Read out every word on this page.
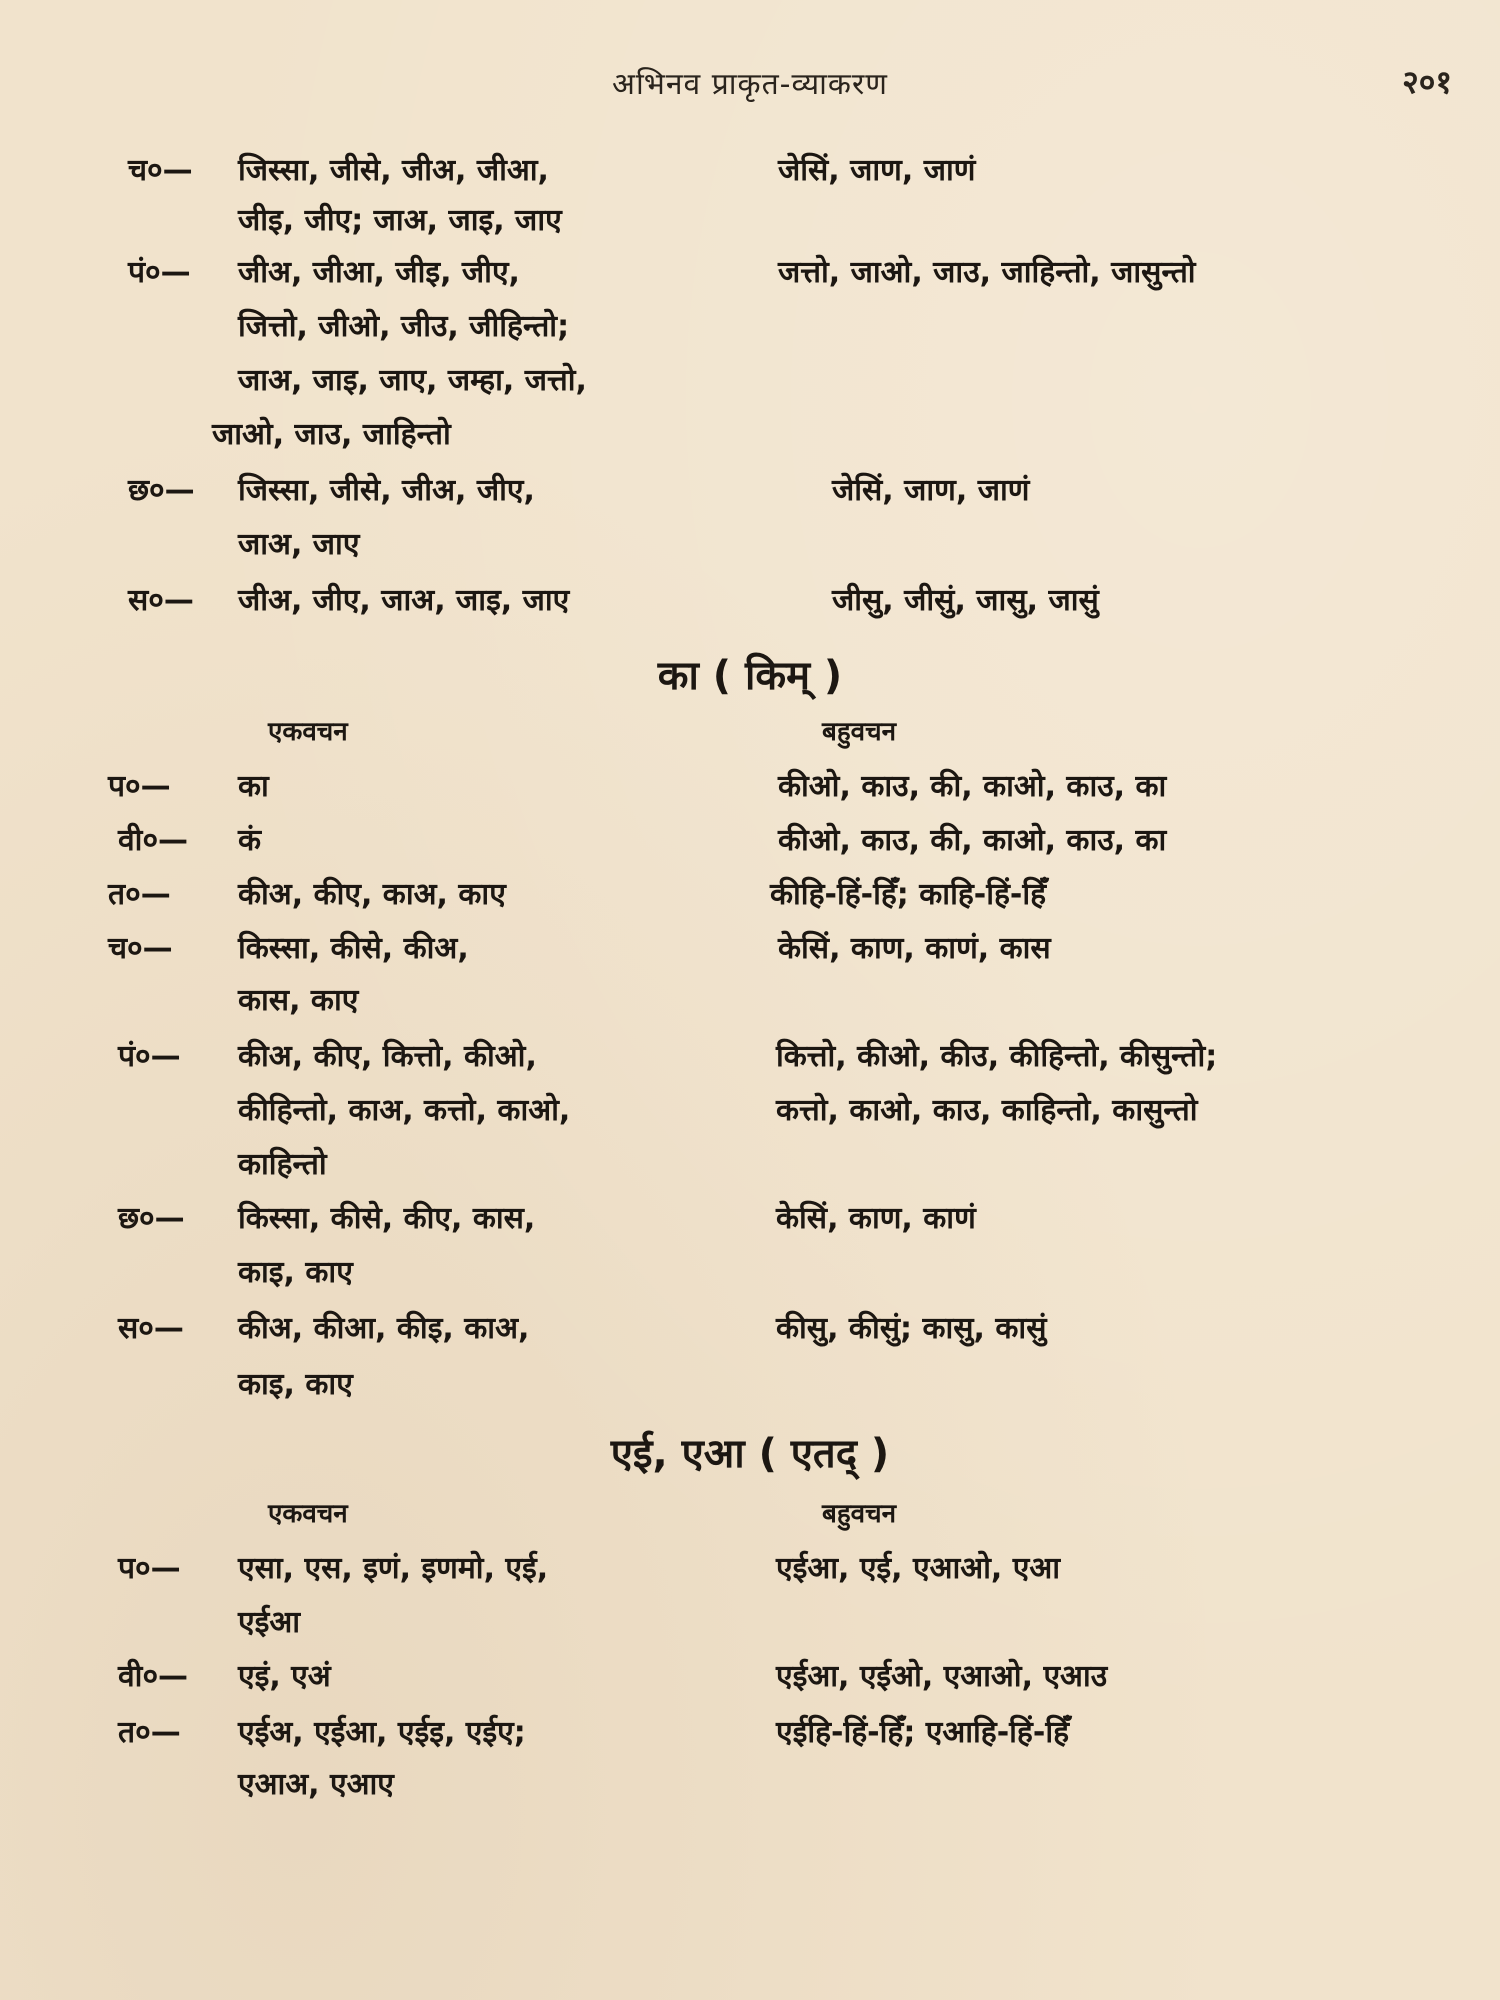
अभिनव प्राकृत-व्याकरण	२०१
च०— जिस्सा, जीसे, जीअ, जीआ,	जेसिं, जाण, जाणं
जीइ, जीए; जाअ, जाइ, जाए
पं०— जीअ, जीआ, जीइ, जीए,	जत्तो, जाओ, जाउ, जाहिन्तो, जासुन्तो
जित्तो, जीओ, जीउ, जीहिन्तो;
जाअ, जाइ, जाए, जम्हा, जत्तो,
जाओ, जाउ, जाहिन्तो
छ०— जिस्सा, जीसे, जीअ, जीए,	जेसिं, जाण, जाणं
जाअ, जाए
स०— जीअ, जीए, जाअ, जाइ, जाए	जीसु, जीसुं, जासु, जासुं
का ( किम् )
एकवचन	बहुवचन
प०— का	कीओ, काउ, की, काओ, काउ, का
वी०— कं	कीओ, काउ, की, काओ, काउ, का
त०— कीअ, कीए, काअ, काए	कीहि-हिं-हिँ; काहि-हिं-हिँ
च०— किस्सा, कीसे, कीअ,	केसिं, काण, काणं, कास
कास, काए
पं०— कीअ, कीए, कित्तो, कीओ,	कित्तो, कीओ, कीउ, कीहिन्तो, कीसुन्तो;
कीहिन्तो, काअ, कत्तो, काओ,	कत्तो, काओ, काउ, काहिन्तो, कासुन्तो
काहिन्तो
छ०— किस्सा, कीसे, कीए, कास,	केसिं, काण, काणं
काइ, काए
स०— कीअ, कीआ, कीइ, काअ,	कीसु, कीसुं; कासु, कासुं
काइ, काए
एई, एआ ( एतद् )
एकवचन	बहुवचन
प०— एसा, एस, इणं, इणमो, एई,	एईआ, एई, एआओ, एआ
एईआ
वी०— एइं, एअं	एईआ, एईओ, एआओ, एआउ
त०— एईअ, एईआ, एईइ, एईए;	एईहि-हिं-हिँ; एआहि-हिं-हिँ
एआअ, एआए
